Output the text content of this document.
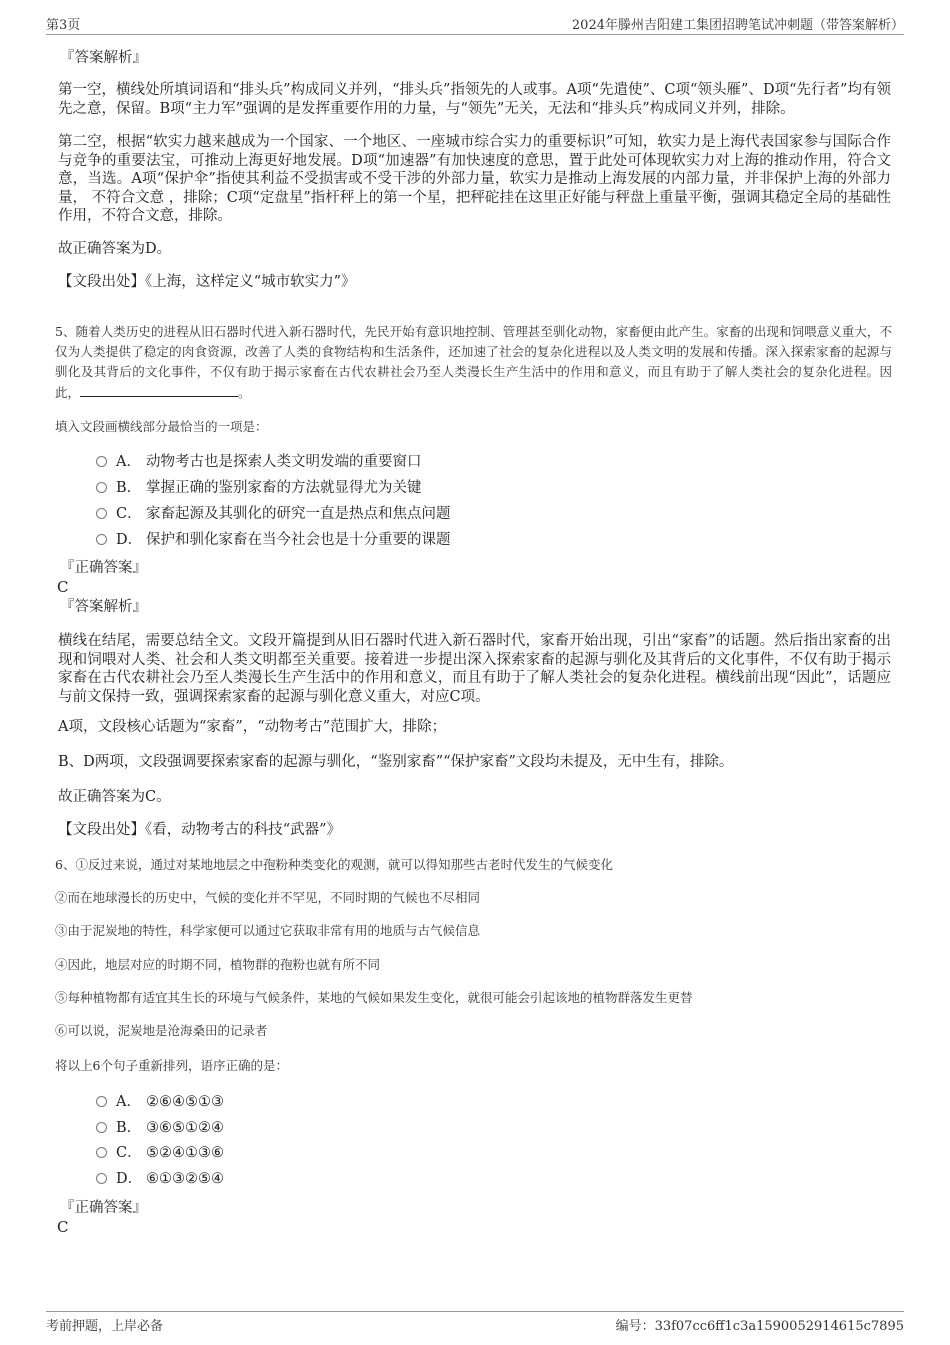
第3页	2024年滕州吉阳建工集团招聘笔试冲刺题（带答案解析）
『答案解析』
第一空，横线处所填词语和“排头兵”构成同义并列，“排头兵”指领先的人或事。A项“先遣使”、C项“领头雁”、D项“先行者”均有领先之意，保留。B项“主力军”强调的是发挥重要作用的力量，与“领先”无关，无法和“排头兵”构成同义并列，排除。
第二空，根据“软实力越来越成为一个国家、一个地区、一座城市综合实力的重要标识”可知，软实力是上海代表国家参与国际合作与竞争的重要法宝，可推动上海更好地发展。D项“加速器”有加快速度的意思，置于此处可体现软实力对上海的推动作用，符合文意，当选。A项“保护伞”指使其利益不受损害或不受干涉的外部力量，软实力是推动上海发展的内部力量，并非保护上海的外部力量， 不符合文意 ，排除；C项“定盘星”指杆秤上的第一个星，把秤砣挂在这里正好能与秤盘上重量平衡，强调其稳定全局的基础性作用，不符合文意，排除。
故正确答案为D。
【文段出处】《上海，这样定义“城市软实力”》
5、随着人类历史的进程从旧石器时代进入新石器时代，先民开始有意识地控制、管理甚至驯化动物，家畜便由此产生。家畜的出现和饲喂意义重大，不仅为人类提供了稳定的肉食资源，改善了人类的食物结构和生活条件，还加速了社会的复杂化进程以及人类文明的发展和传播。深入探索家畜的起源与驯化及其背后的文化事件，不仅有助于揭示家畜在古代农耕社会乃至人类漫长生产生活中的作用和意义，而且有助于了解人类社会的复杂化进程。因此，	。
填入文段画横线部分最恰当的一项是：
A． 动物考古也是探索人类文明发端的重要窗口
B． 掌握正确的鉴别家畜的方法就显得尤为关键
C． 家畜起源及其驯化的研究一直是热点和焦点问题
D． 保护和驯化家畜在当今社会也是十分重要的课题
『正确答案』
C
『答案解析』
横线在结尾，需要总结全文。文段开篇提到从旧石器时代进入新石器时代，家畜开始出现，引出“家畜”的话题。然后指出家畜的出现和饲喂对人类、社会和人类文明都至关重要。接着进一步提出深入探索家畜的起源与驯化及其背后的文化事件，不仅有助于揭示家畜在古代农耕社会乃至人类漫长生产生活中的作用和意义，而且有助于了解人类社会的复杂化进程。横线前出现“因此”，话题应与前文保持一致，强调探索家畜的起源与驯化意义重大，对应C项。
A项，文段核心话题为“家畜”，“动物考古”范围扩大，排除；
B、D两项，文段强调要探索家畜的起源与驯化，“鉴别家畜”“保护家畜”文段均未提及，无中生有，排除。
故正确答案为C。
【文段出处】《看，动物考古的科技“武器”》
6、①反过来说，通过对某地地层之中孢粉种类变化的观测，就可以得知那些古老时代发生的气候变化
②而在地球漫长的历史中，气候的变化并不罕见，不同时期的气候也不尽相同
③由于泥炭地的特性，科学家便可以通过它获取非常有用的地质与古气候信息
④因此，地层对应的时期不同，植物群的孢粉也就有所不同
⑤每种植物都有适宜其生长的环境与气候条件，某地的气候如果发生变化，就很可能会引起该地的植物群落发生更替
⑥可以说，泥炭地是沧海桑田的记录者
将以上6个句子重新排列，语序正确的是：
A． ②⑥④⑤①③
B． ③⑥⑤①②④
C． ⑤②④①③⑥
D． ⑥①③②⑤④
『正确答案』
C
考前押题，上岸必备	编号：33f07cc6ff1c3a1590052914615c7895
